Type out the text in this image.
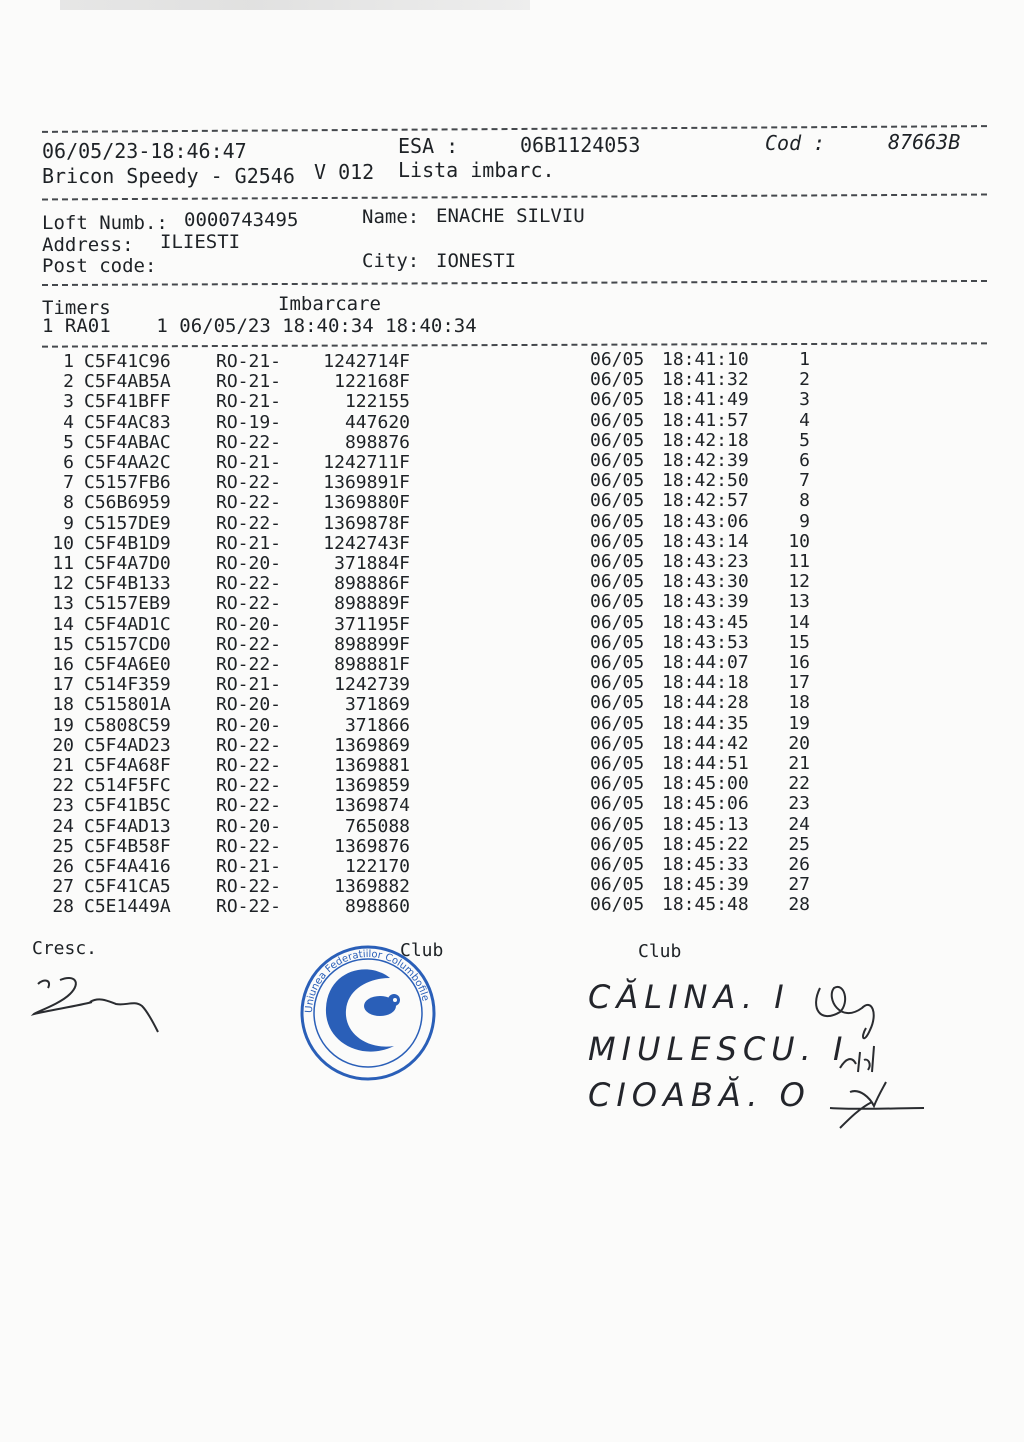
06/05/23-18:46:47	ESA :	06B1124053	Cod :	87663B
Bricon Speedy - G2546 V 012 Lista imbarc.
Loft Numb.: 0000743495	Name: ENACHE SILVIU
Address: ILIESTI
Post code:	City: IONESTI
Timers	Imbarcare
1 RA01    1 06/05/23 18:40:34 18:40:34
1 C5F41C96	RO-21-	1242714F	06/05 18:41:10	1
2 C5F4AB5A	RO-21-	122168F	06/05 18:41:32	2
3 C5F41BFF	RO-21-	122155	06/05 18:41:49	3
4 C5F4AC83	RO-19-	447620	06/05 18:41:57	4
5 C5F4ABAC	RO-22-	898876	06/05 18:42:18	5
6 C5F4AA2C	RO-21-	1242711F	06/05 18:42:39	6
7 C5157FB6	RO-22-	1369891F	06/05 18:42:50	7
8 C56B6959	RO-22-	1369880F	06/05 18:42:57	8
9 C5157DE9	RO-22-	1369878F	06/05 18:43:06	9
10 C5F4B1D9	RO-21-	1242743F	06/05 18:43:14	10
11 C5F4A7D0	RO-20-	371884F	06/05 18:43:23	11
12 C5F4B133	RO-22-	898886F	06/05 18:43:30	12
13 C5157EB9	RO-22-	898889F	06/05 18:43:39	13
14 C5F4AD1C	RO-20-	371195F	06/05 18:43:45	14
15 C5157CD0	RO-22-	898899F	06/05 18:43:53	15
16 C5F4A6E0	RO-22-	898881F	06/05 18:44:07	16
17 C514F359	RO-21-	1242739	06/05 18:44:18	17
18 C515801A	RO-20-	371869	06/05 18:44:28	18
19 C5808C59	RO-20-	371866	06/05 18:44:35	19
20 C5F4AD23	RO-22-	1369869	06/05 18:44:42	20
21 C5F4A68F	RO-22-	1369881	06/05 18:44:51	21
22 C514F5FC	RO-22-	1369859	06/05 18:45:00	22
23 C5F41B5C	RO-22-	1369874	06/05 18:45:06	23
24 C5F4AD13	RO-20-	765088	06/05 18:45:13	24
25 C5F4B58F	RO-22-	1369876	06/05 18:45:22	25
26 C5F4A416	RO-21-	122170	06/05 18:45:33	26
27 C5F41CA5	RO-22-	1369882	06/05 18:45:39	27
28 C5E1449A	RO-22-	898860	06/05 18:45:48	28
Cresc.	Club	Club
Uniunea Federatiilor Columbofile	CĂLINA. I
MIULESCU. I
CIOABĂ. O
